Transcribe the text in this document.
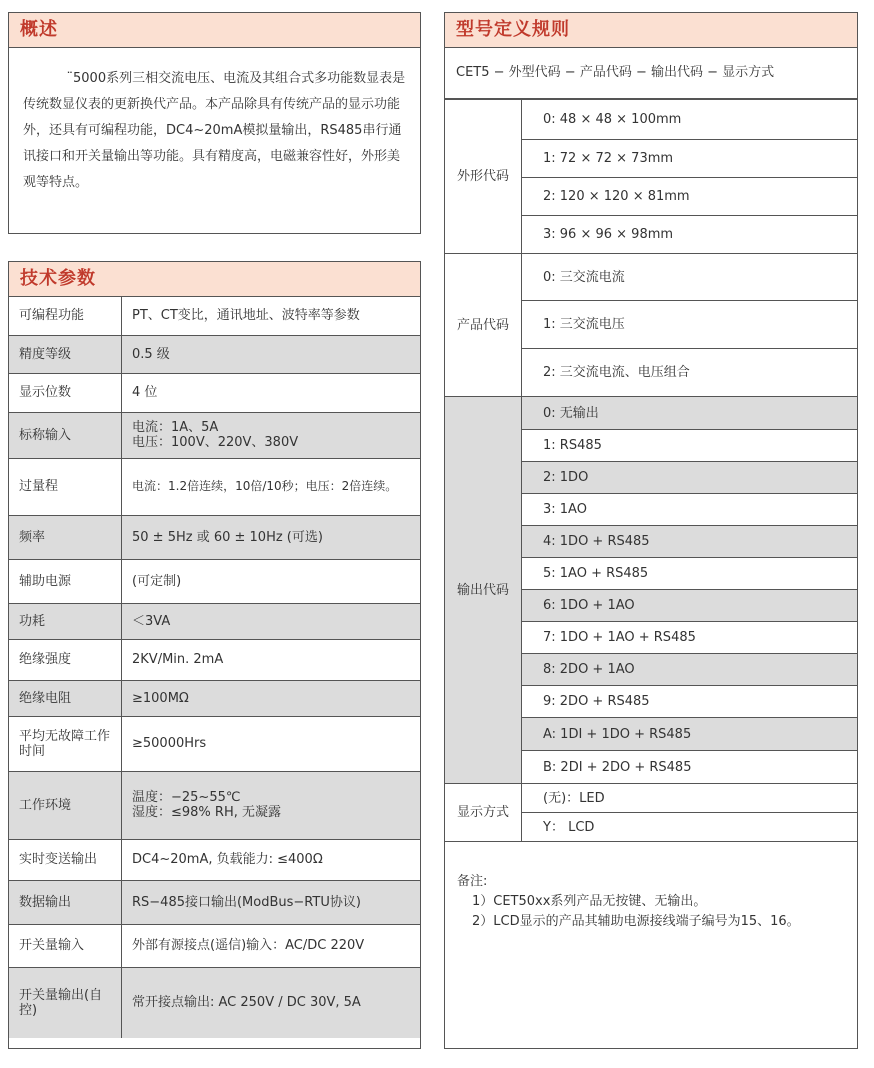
概述
̈5000系列三相交流电压、电流及其组合式多功能数显表是传统数显仪表的更新换代产品。本产品除具有传统产品的显示功能外，还具有可编程功能，DC4~20mA模拟量输出，RS485串行通讯接口和开关量输出等功能。具有精度高，电磁兼容性好，外形美观等特点。
技术参数
可编程功能	PT、CT变比，通讯地址、波特率等参数
精度等级	0.5 级
显示位数	4 位
标称输入	电流：1A、5A
电压：100V、220V、380V

过量程	电流：1.2倍连续，10倍/10秒；电压：2倍连续。
频率	50 ± 5Hz 或 60 ± 10Hz (可选)
辅助电源	(可定制)
功耗	＜3VA
绝缘强度	2KV/Min. 2mA
绝缘电阻	≥100MΩ
平均无故障工作时间	≥50000Hrs
工作环境	温度：−25~55℃
湿度：≤98% RH, 无凝露

实时变送输出	DC4~20mA, 负载能力: ≤400Ω
数据输出	RS−485接口输出(ModBus−RTU协议)
开关量输入	外部有源接点(遥信)输入：AC/DC 220V
开关量输出(自控)	常开接点输出: AC 250V / DC 30V, 5A
型号定义规则
CET5 − 外型代码 − 产品代码 − 输出代码 − 显示方式
外形代码	0: 48 × 48 × 100mm
	1: 72 × 72 × 73mm
	2: 120 × 120 × 81mm
	3: 96 × 96 × 98mm
产品代码	0: 三交流电流
	1: 三交流电压
	2: 三交流电流、电压组合
输出代码	0: 无输出
	1: RS485
	2: 1DO
	3: 1AO
	4: 1DO + RS485
	5: 1AO + RS485
	6: 1DO + 1AO
	7: 1DO + 1AO + RS485
	8: 2DO + 1AO
	9: 2DO + RS485
	A: 1DI + 1DO + RS485
	B: 2DI + 2DO + RS485
显示方式	(无)：LED
	Y： LCD
备注:
1）CET50xx系列产品无按键、无输出。
2）LCD显示的产品其辅助电源接线端子编号为15、16。
